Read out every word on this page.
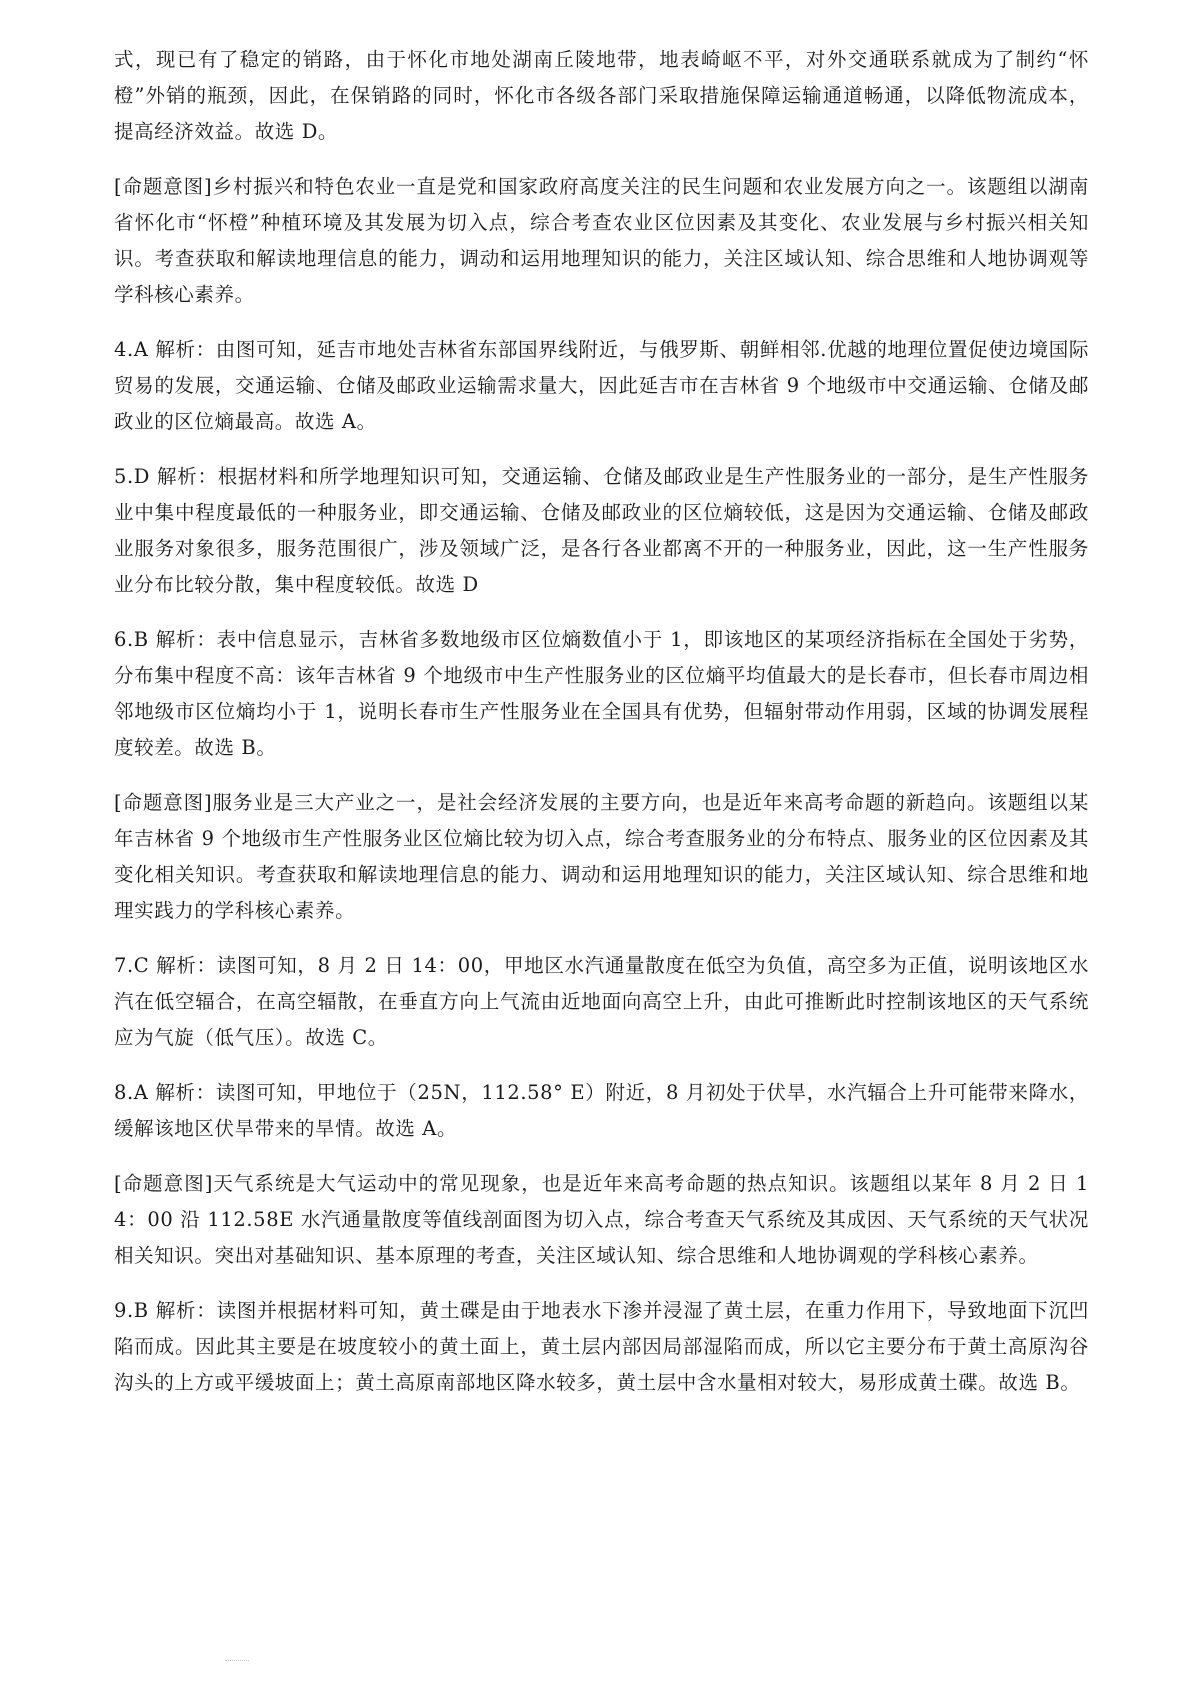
式，现已有了稳定的销路，由于怀化市地处湖南丘陵地带，地表崎岖不平，对外交通联系就成为了制约“怀橙”外销的瓶颈，因此，在保销路的同时，怀化市各级各部门采取措施保障运输通道畅通，以降低物流成本，提高经济效益。故选 D。

[命题意图]乡村振兴和特色农业一直是党和国家政府高度关注的民生问题和农业发展方向之一。该题组以湖南省怀化市“怀橙”种植环境及其发展为切入点，综合考查农业区位因素及其变化、农业发展与乡村振兴相关知识。考查获取和解读地理信息的能力，调动和运用地理知识的能力，关注区域认知、综合思维和人地协调观等学科核心素养。

4.A 解析：由图可知，延吉市地处吉林省东部国界线附近，与俄罗斯、朝鲜相邻.优越的地理位置促使边境国际贸易的发展，交通运输、仓储及邮政业运输需求量大，因此延吉市在吉林省 9 个地级市中交通运输、仓储及邮政业的区位熵最高。故选 A。

5.D 解析：根据材料和所学地理知识可知，交通运输、仓储及邮政业是生产性服务业的一部分，是生产性服务业中集中程度最低的一种服务业，即交通运输、仓储及邮政业的区位熵较低，这是因为交通运输、仓储及邮政业服务对象很多，服务范围很广，涉及领域广泛，是各行各业都离不开的一种服务业，因此，这一生产性服务业分布比较分散，集中程度较低。故选 D

6.B 解析：表中信息显示，吉林省多数地级市区位熵数值小于 1，即该地区的某项经济指标在全国处于劣势，分布集中程度不高：该年吉林省 9 个地级市中生产性服务业的区位熵平均值最大的是长春市，但长春市周边相邻地级市区位熵均小于 1，说明长春市生产性服务业在全国具有优势，但辐射带动作用弱，区域的协调发展程度较差。故选 B。

[命题意图]服务业是三大产业之一，是社会经济发展的主要方向，也是近年来高考命题的新趋向。该题组以某年吉林省 9 个地级市生产性服务业区位熵比较为切入点，综合考查服务业的分布特点、服务业的区位因素及其变化相关知识。考查获取和解读地理信息的能力、调动和运用地理知识的能力，关注区域认知、综合思维和地理实践力的学科核心素养。

7.C 解析：读图可知，8 月 2 日 14：00，甲地区水汽通量散度在低空为负值，高空多为正值，说明该地区水汽在低空辐合，在高空辐散，在垂直方向上气流由近地面向高空上升，由此可推断此时控制该地区的天气系统应为气旋（低气压）。故选 C。

8.A 解析：读图可知，甲地位于（25N，112.58° E）附近，8 月初处于伏旱，水汽辐合上升可能带来降水，缓解该地区伏旱带来的旱情。故选 A。

[命题意图]天气系统是大气运动中的常见现象，也是近年来高考命题的热点知识。该题组以某年 8 月 2 日 14：00 沿 112.58E 水汽通量散度等值线剖面图为切入点，综合考查天气系统及其成因、天气系统的天气状况相关知识。突出对基础知识、基本原理的考查，关注区域认知、综合思维和人地协调观的学科核心素养。

9.B 解析：读图并根据材料可知，黄土碟是由于地表水下渗并浸湿了黄土层，在重力作用下，导致地面下沉凹陷而成。因此其主要是在坡度较小的黄土面上，黄土层内部因局部湿陷而成，所以它主要分布于黄土高原沟谷沟头的上方或平缓坡面上；黄土高原南部地区降水较多，黄土层中含水量相对较大，易形成黄土碟。故选 B。
